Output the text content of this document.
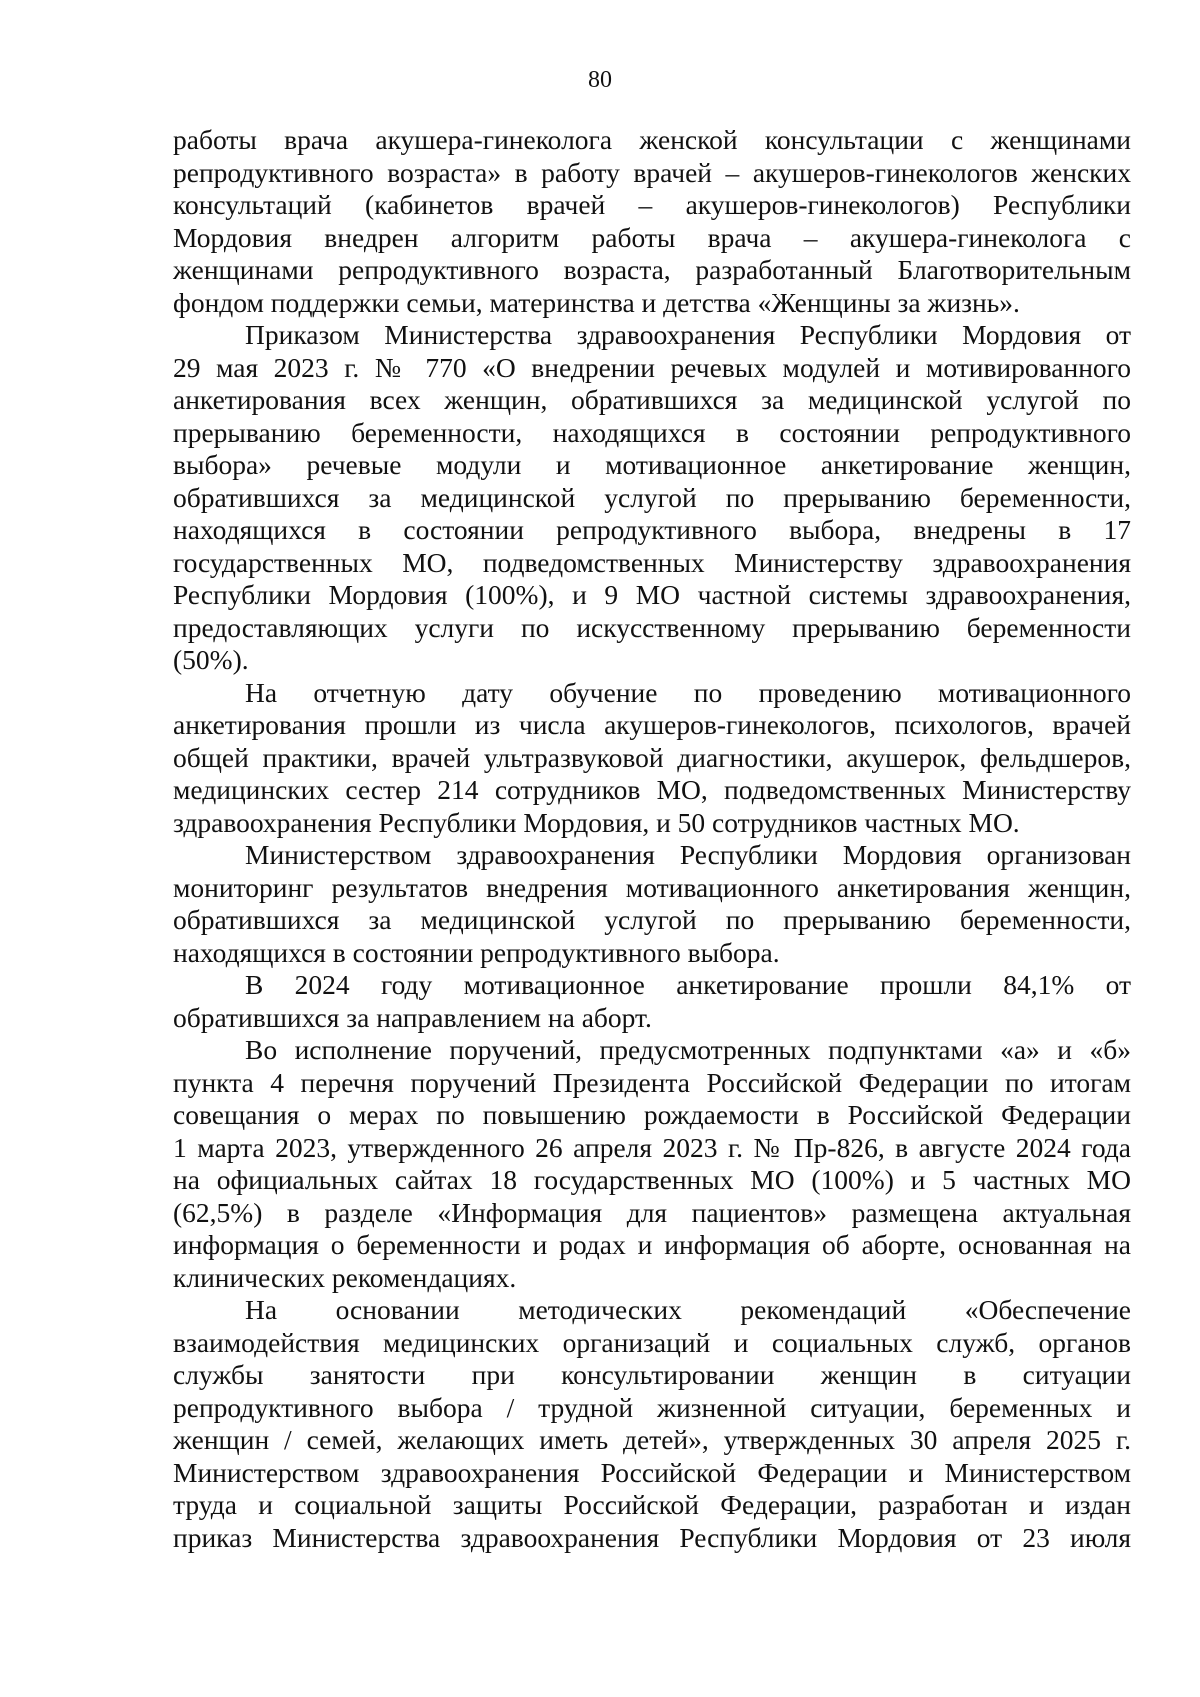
80
работы врача акушера-гинеколога женской консультации с женщинами
репродуктивного возраста» в работу врачей – акушеров-гинекологов женских
консультаций (кабинетов врачей – акушеров-гинекологов) Республики
Мордовия внедрен алгоритм работы врача – акушера-гинеколога с
женщинами репродуктивного возраста, разработанный Благотворительным
фондом поддержки семьи, материнства и детства «Женщины за жизнь».
Приказом Министерства здравоохранения Республики Мордовия от
29 мая 2023 г. № 770 «О внедрении речевых модулей и мотивированного
анкетирования всех женщин, обратившихся за медицинской услугой по
прерыванию беременности, находящихся в состоянии репродуктивного
выбора» речевые модули и мотивационное анкетирование женщин,
обратившихся за медицинской услугой по прерыванию беременности,
находящихся в состоянии репродуктивного выбора, внедрены в 17
государственных МО, подведомственных Министерству здравоохранения
Республики Мордовия (100%), и 9 МО частной системы здравоохранения,
предоставляющих услуги по искусственному прерыванию беременности
(50%).
На отчетную дату обучение по проведению мотивационного
анкетирования прошли из числа акушеров-гинекологов, психологов, врачей
общей практики, врачей ультразвуковой диагностики, акушерок, фельдшеров,
медицинских сестер 214 сотрудников МО, подведомственных Министерству
здравоохранения Республики Мордовия, и 50 сотрудников частных МО.
Министерством здравоохранения Республики Мордовия организован
мониторинг результатов внедрения мотивационного анкетирования женщин,
обратившихся за медицинской услугой по прерыванию беременности,
находящихся в состоянии репродуктивного выбора.
В 2024 году мотивационное анкетирование прошли 84,1% от
обратившихся за направлением на аборт.
Во исполнение поручений, предусмотренных подпунктами «а» и «б»
пункта 4 перечня поручений Президента Российской Федерации по итогам
совещания о мерах по повышению рождаемости в Российской Федерации
1 марта 2023, утвержденного 26 апреля 2023 г. № Пр-826, в августе 2024 года
на официальных сайтах 18 государственных МО (100%) и 5 частных МО
(62,5%) в разделе «Информация для пациентов» размещена актуальная
информация о беременности и родах и информация об аборте, основанная на
клинических рекомендациях.
На основании методических рекомендаций «Обеспечение
взаимодействия медицинских организаций и социальных служб, органов
службы занятости при консультировании женщин в ситуации
репродуктивного выбора / трудной жизненной ситуации, беременных и
женщин / семей, желающих иметь детей», утвержденных 30 апреля 2025 г.
Министерством здравоохранения Российской Федерации и Министерством
труда и социальной защиты Российской Федерации, разработан и издан
приказ Министерства здравоохранения Республики Мордовия от 23 июля
